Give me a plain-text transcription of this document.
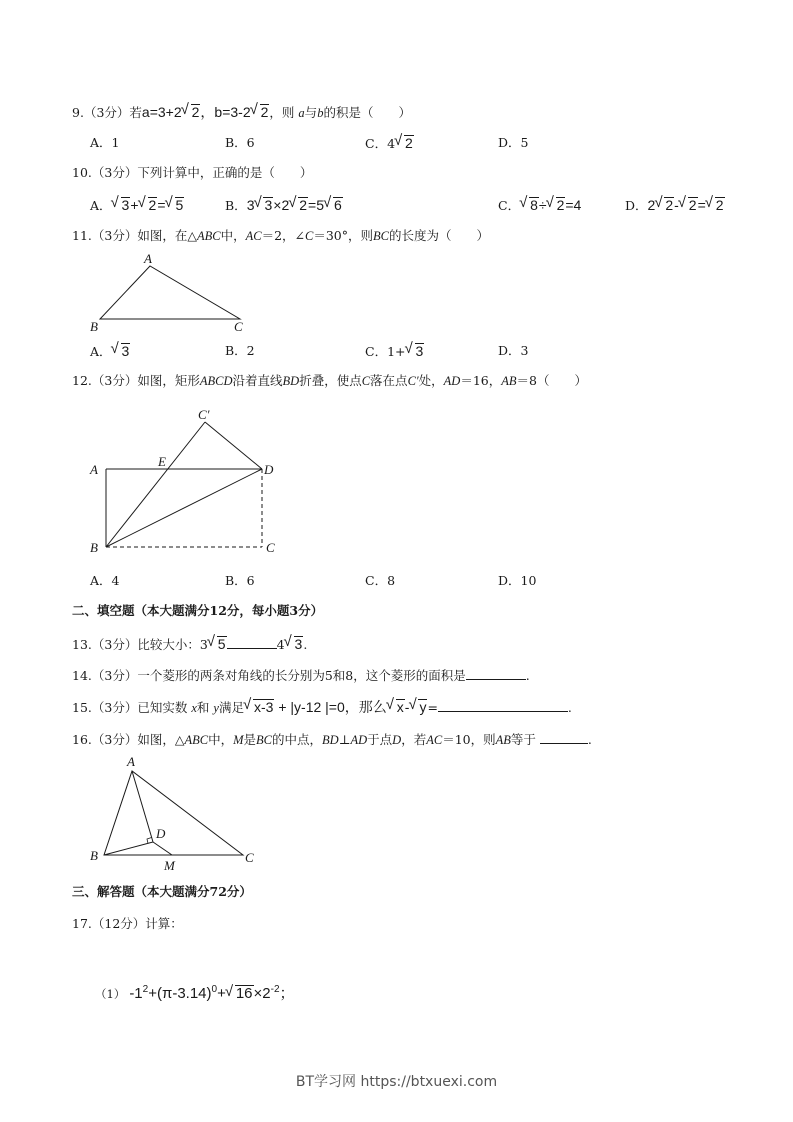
9.（3分）若a=3+2 √ 2，b=3-2 √ 2，则 a与b的积是（　　）
A．1	B．6	C．4 √ 2	D．5
10.（3分）下列计算中，正确的是（　　）
A． √ 3+ √ 2= √ 5	B．3 √ 3×2 √ 2=5 √ 6	C． √ 8÷ √ 2=4	D．2 √ 2- √ 2= √ 2
11.（3分）如图，在△ABC中，AC＝2，∠C＝30°，则BC的长度为（　　）
A
B	C
A． √ 3	B．2	C．1+ √ 3	D．3
12.（3分）如图，矩形ABCD沿着直线BD折叠，使点C落在点C′处，AD＝16，AB＝8（　　）
C′
A
E
D
B	C
A．4	B．6	C．8	D．10
二、填空题（本大题满分12分，每小题3分）
13.（3分）比较大小：3 √ 5	4 √ 3.
14.（3分）一个菱形的两条对角线的长分别为5和8，这个菱形的面积是	.
15.（3分）已知实数 x和 y满足 √ x-3 + |y-12 |=0，那么 √ x- √ y=	.
16.（3分）如图，△ABC中，M是BC的中点，BD⊥AD于点D，若AC＝10，则AB等于	.
A
D
B
M
C
三、解答题（本大题满分72分）
17.（12分）计算：
（1） $-1^2+(\pi-3.14)^0+$ √ $16\times 2^{-2}$；
BT学习网 https://btxuexi.com
